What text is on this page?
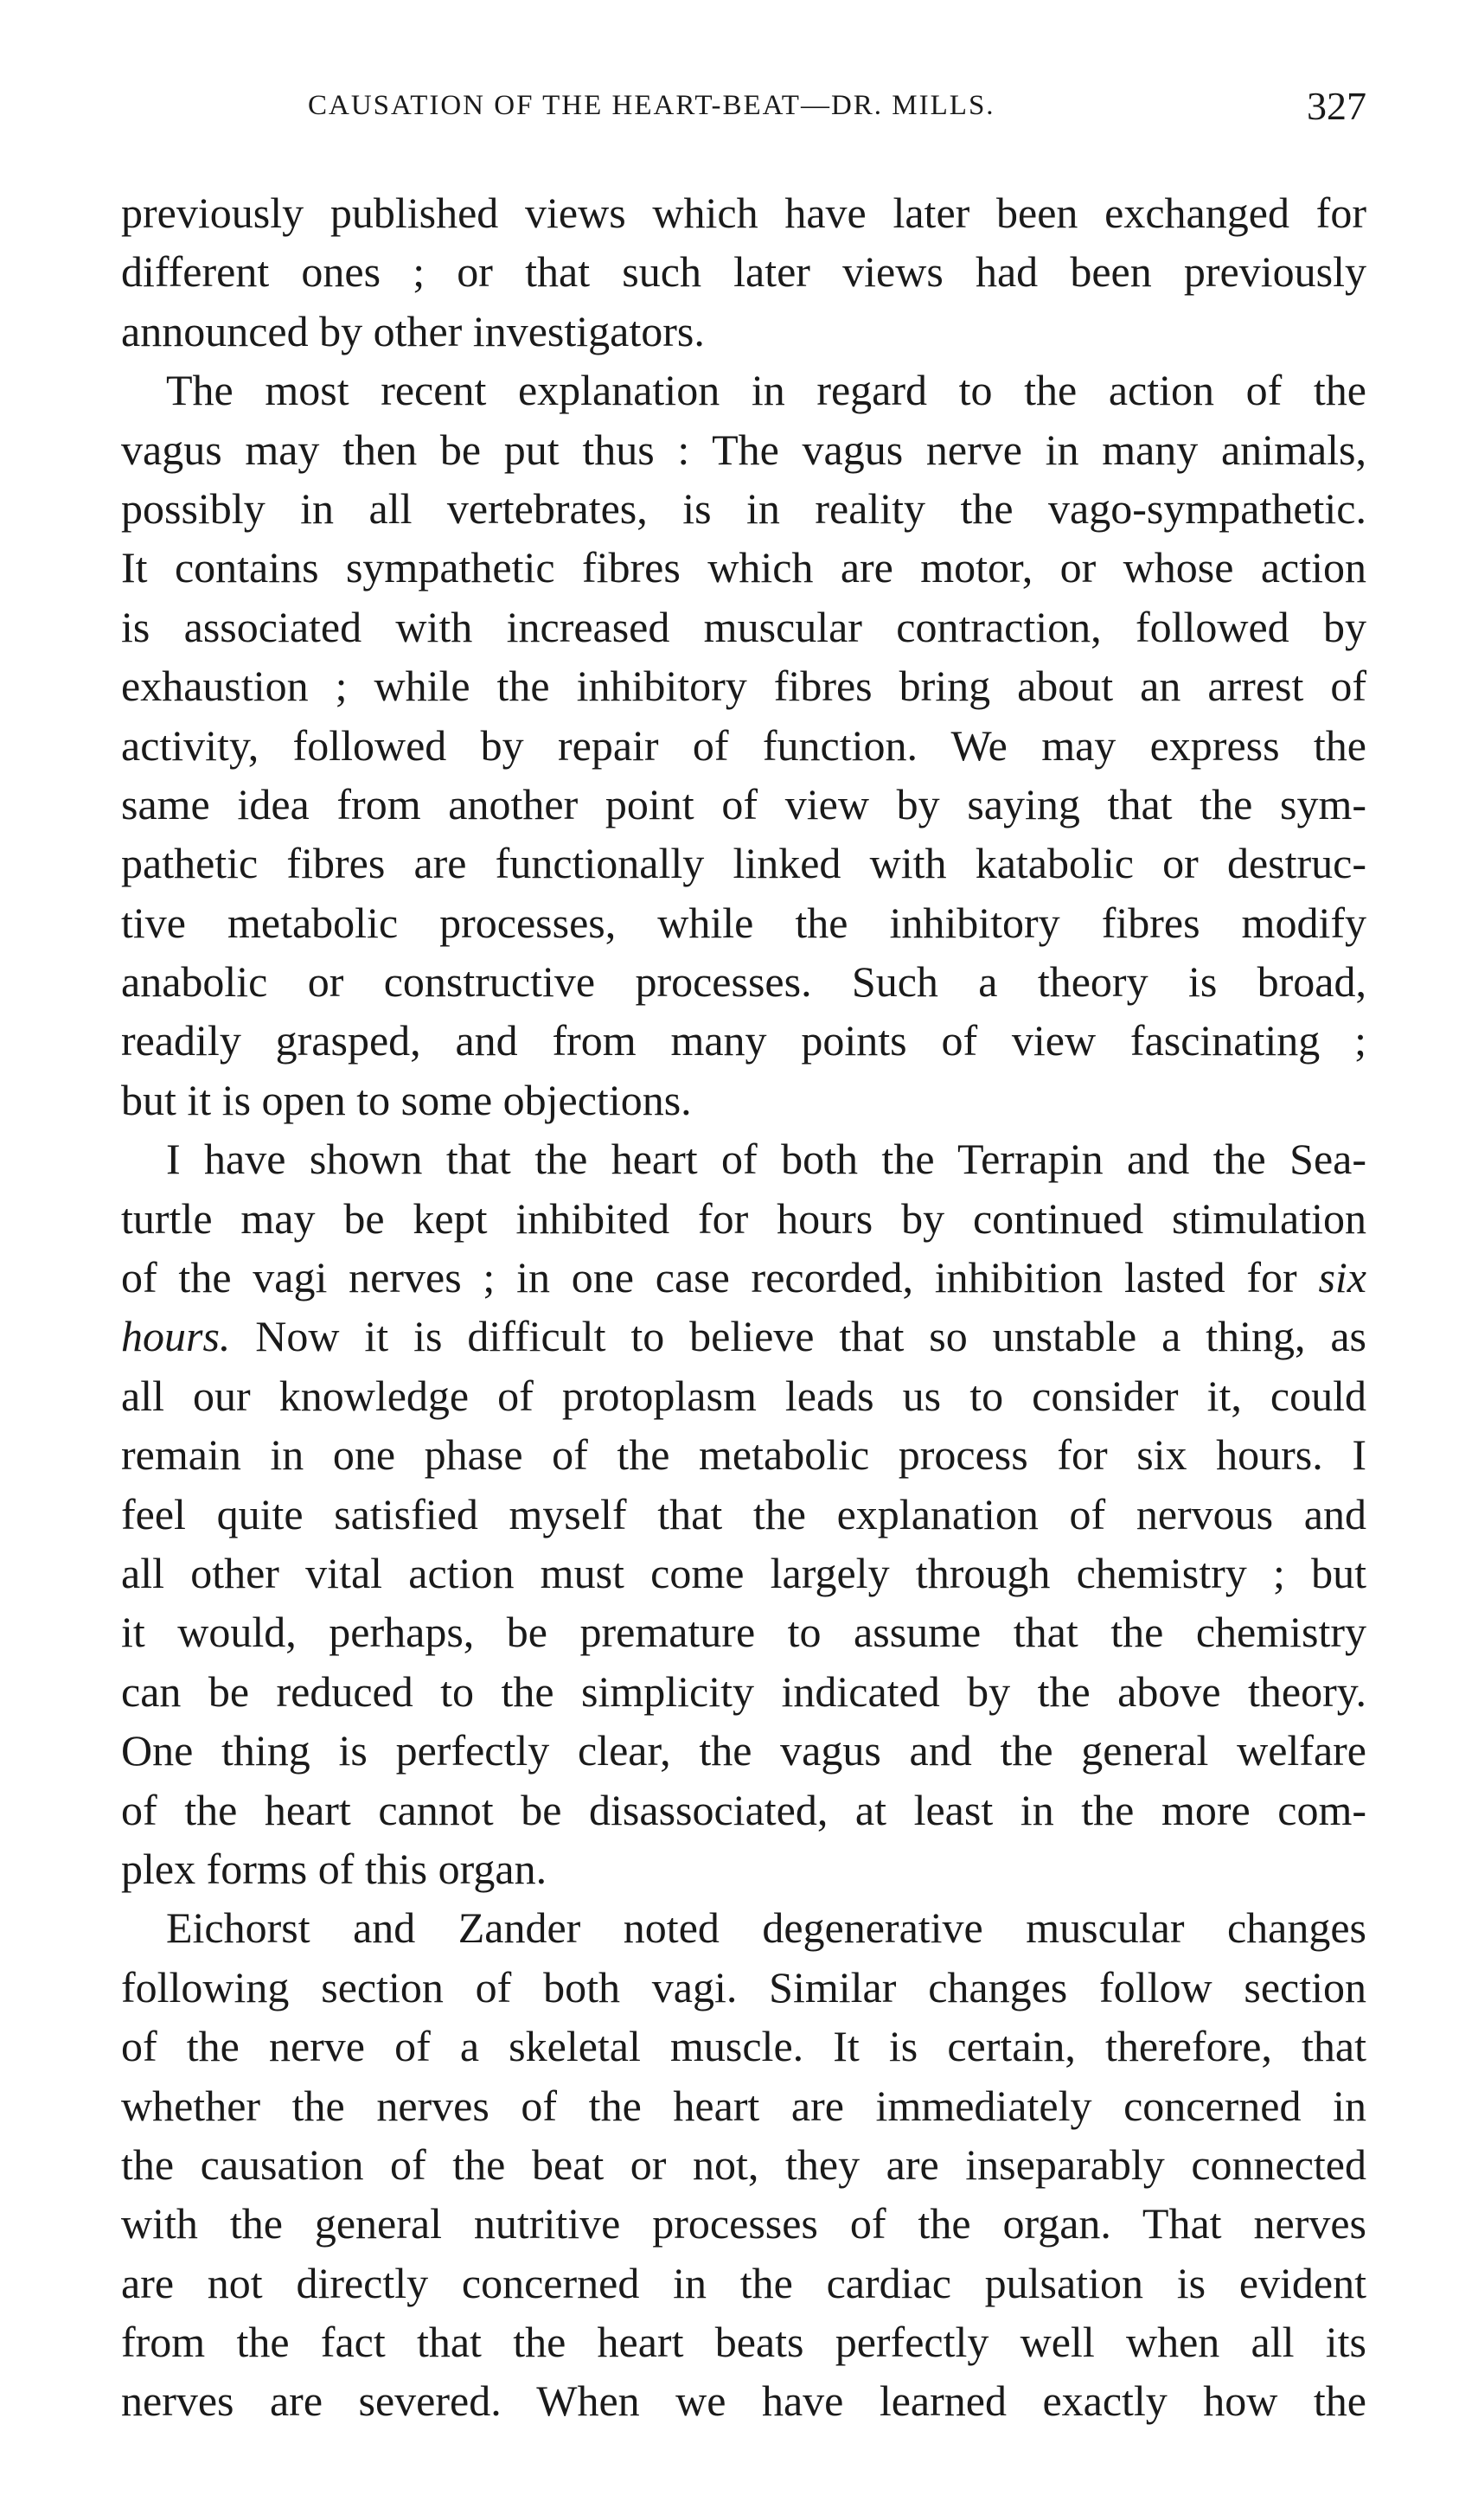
CAUSATION OF THE HEART-BEAT—DR. MILLS.	327
previously published views which have later been exchanged for
different ones ; or that such later views had been previously
announced by other investigators.
The most recent explanation in regard to the action of the
vagus may then be put thus : The vagus nerve in many animals,
possibly in all vertebrates, is in reality the vago-sympathetic.
It contains sympathetic fibres which are motor, or whose action
is associated with increased muscular contraction, followed by
exhaustion ; while the inhibitory fibres bring about an arrest of
activity, followed by repair of function. We may express the
same idea from another point of view by saying that the sym-
pathetic fibres are functionally linked with katabolic or destruc-
tive metabolic processes, while the inhibitory fibres modify
anabolic or constructive processes. Such a theory is broad,
readily grasped, and from many points of view fascinating ;
but it is open to some objections.
I have shown that the heart of both the Terrapin and the Sea-
turtle may be kept inhibited for hours by continued stimulation
of the vagi nerves ; in one case recorded, inhibition lasted for six
hours. Now it is difficult to believe that so unstable a thing, as
all our knowledge of protoplasm leads us to consider it, could
remain in one phase of the metabolic process for six hours. I
feel quite satisfied myself that the explanation of nervous and
all other vital action must come largely through chemistry ; but
it would, perhaps, be premature to assume that the chemistry
can be reduced to the simplicity indicated by the above theory.
One thing is perfectly clear, the vagus and the general welfare
of the heart cannot be disassociated, at least in the more com-
plex forms of this organ.
Eichorst and Zander noted degenerative muscular changes
following section of both vagi. Similar changes follow section
of the nerve of a skeletal muscle. It is certain, therefore, that
whether the nerves of the heart are immediately concerned in
the causation of the beat or not, they are inseparably connected
with the general nutritive processes of the organ. That nerves
are not directly concerned in the cardiac pulsation is evident
from the fact that the heart beats perfectly well when all its
nerves are severed. When we have learned exactly how the
